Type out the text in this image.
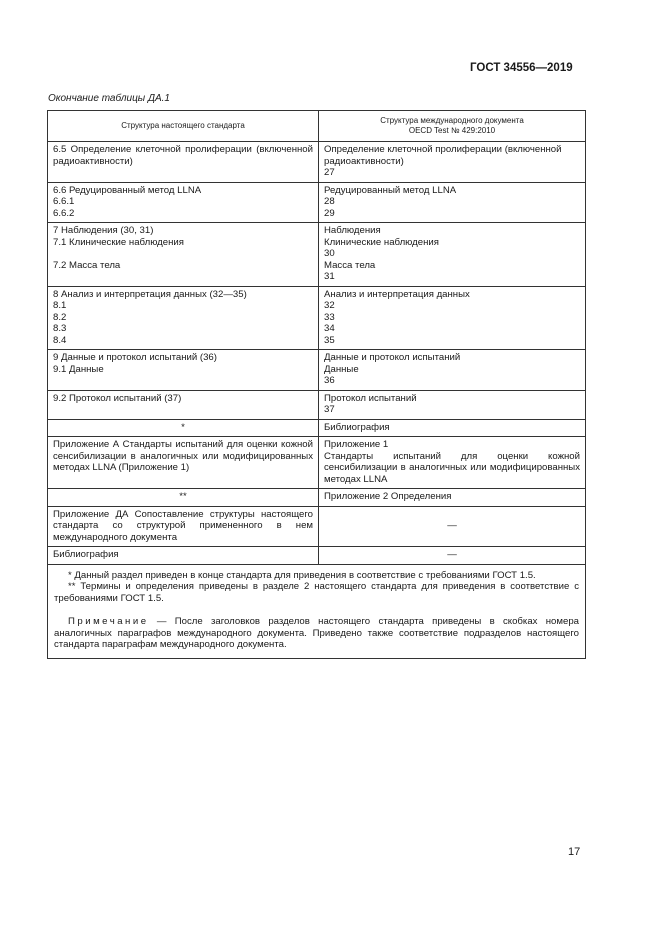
ГОСТ 34556—2019
Окончание таблицы ДА.1
Структура настоящего стандарта	Структура международного документа
OECD Test № 429:2010

6.5 Определение клеточной пролиферации (включенной радиоактивности)	Определение клеточной пролиферации (включенной радиоактивности)
27

6.6 Редуцированный метод LLNA
6.6.1
6.6.2	Редуцированный метод LLNA
28
29

7 Наблюдения (30, 31)
7.1 Клинические наблюдения
7.2 Масса тела	Наблюдения
Клинические наблюдения
30
Масса тела
31

8 Анализ и интерпретация данных (32—35)
8.1
8.2
8.3
8.4	Анализ и интерпретация данных
32
33
34
35

9 Данные и протокол испытаний (36)
9.1 Данные	Данные и протокол испытаний
Данные
36

9.2 Протокол испытаний (37)	Протокол испытаний
37

*	Библиография

Приложение А Стандарты испытаний для оценки кожной сенсибилизации в аналогичных или модифицированных методах LLNA (Приложение 1)	Приложение 1
Стандарты испытаний для оценки кожной сенсибилизации в аналогичных или модифицированных методах LLNA

**	Приложение 2 Определения

Приложение ДА Сопоставление структуры настоящего стандарта со структурой примененного в нем международного документа	—

Библиография	—

* Данный раздел приведен в конце стандарта для приведения в соответствие с требованиями ГОСТ 1.5.
** Термины и определения приведены в разделе 2 настоящего стандарта для приведения в соответствие с требованиями ГОСТ 1.5.
Примечание — После заголовков разделов настоящего стандарта приведены в скобках номера аналогичных параграфов международного документа. Приведено также соответствие подразделов настоящего стандарта параграфам международного документа.	
17
